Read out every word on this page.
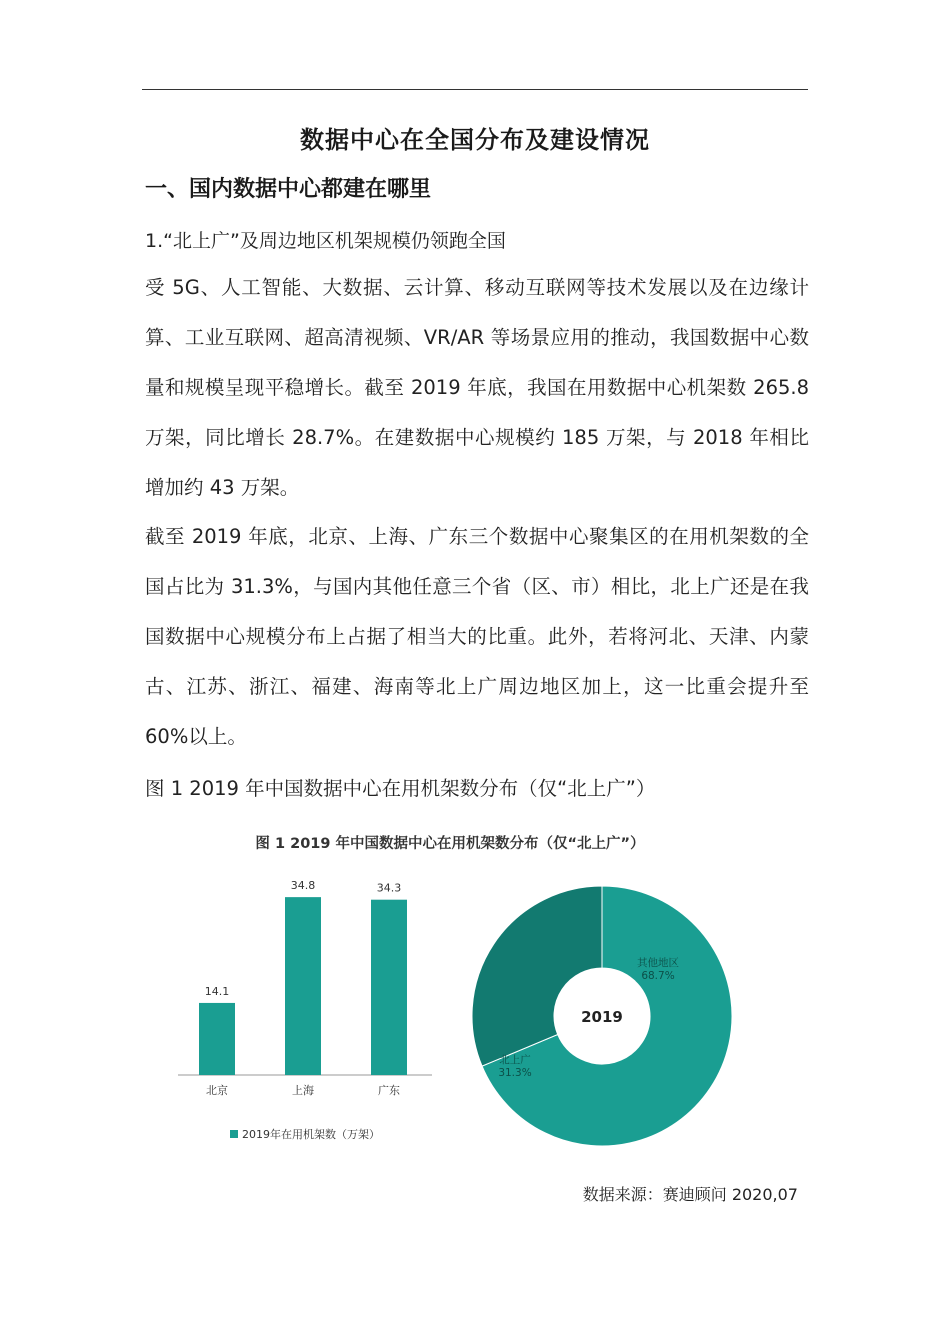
数据中心在全国分布及建设情况
一、国内数据中心都建在哪里
1.“北上广”及周边地区机架规模仍领跑全国
受 5G、人工智能、大数据、云计算、移动互联网等技术发展以及在边缘计算、工业互联网、超高清视频、VR/AR 等场景应用的推动，我国数据中心数量和规模呈现平稳增长。截至 2019 年底，我国在用数据中心机架数 265.8 万架，同比增长 28.7%。在建数据中心规模约 185 万架，与 2018 年相比增加约 43 万架。
截至 2019 年底，北京、上海、广东三个数据中心聚集区的在用机架数的全国占比为 31.3%，与国内其他任意三个省（区、市）相比，北上广还是在我国数据中心规模分布上占据了相当大的比重。此外，若将河北、天津、内蒙古、江苏、浙江、福建、海南等北上广周边地区加上，这一比重会提升至 60%以上。
图 1 2019 年中国数据中心在用机架数分布（仅“北上广”）
图 1 2019 年中国数据中心在用机架数分布（仅“北上广”）
14.1
北京
34.8
上海
34.3
广东
2019年在用机架数（万架）
其他地区
68.7%
北上广
31.3%
2019
数据来源：赛迪顾问 2020,07
